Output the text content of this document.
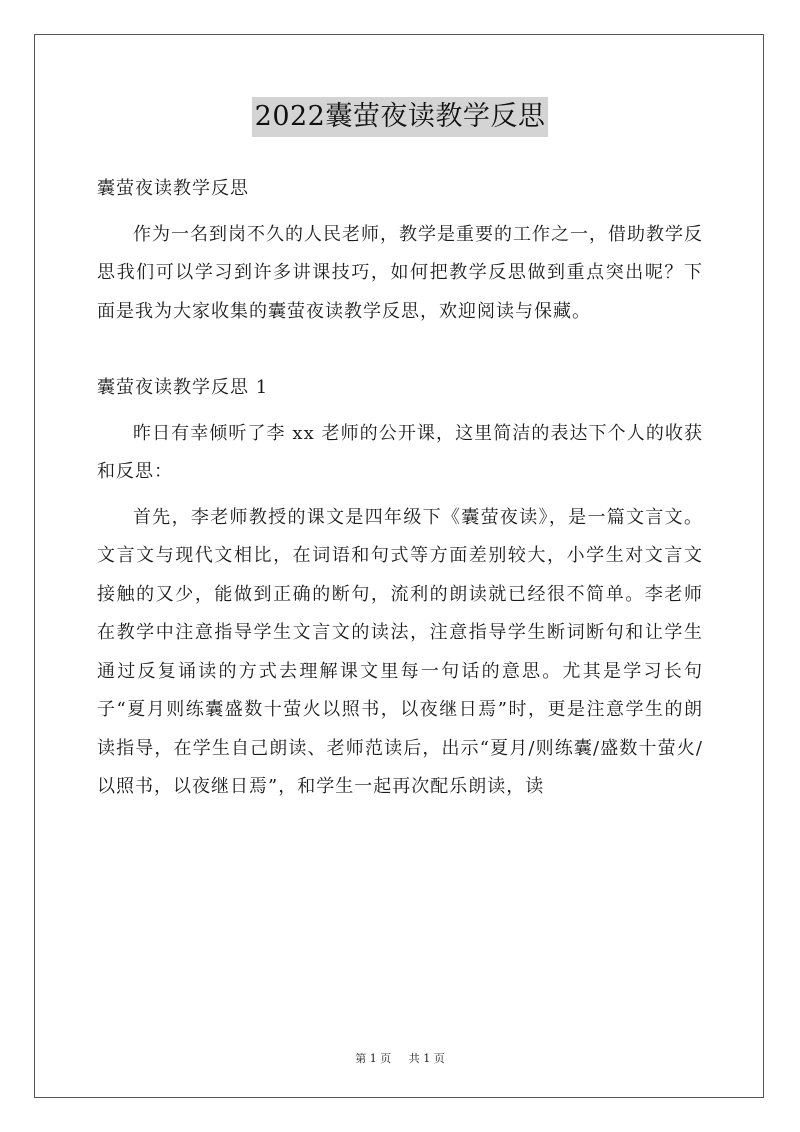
2022囊萤夜读教学反思

囊萤夜读教学反思

作为一名到岗不久的人民老师，教学是重要的工作之一，借助教学反思我们可以学习到许多讲课技巧，如何把教学反思做到重点突出呢？下面是我为大家收集的囊萤夜读教学反思，欢迎阅读与保藏。

囊萤夜读教学反思 1

昨日有幸倾听了李 xx 老师的公开课，这里简洁的表达下个人的收获和反思：

首先，李老师教授的课文是四年级下《囊萤夜读》，是一篇文言文。文言文与现代文相比，在词语和句式等方面差别较大，小学生对文言文接触的又少，能做到正确的断句，流利的朗读就已经很不简单。李老师在教学中注意指导学生文言文的读法，注意指导学生断词断句和让学生通过反复诵读的方式去理解课文里每一句话的意思。尤其是学习长句子“夏月则练囊盛数十萤火以照书，以夜继日焉”时，更是注意学生的朗读指导，在学生自己朗读、老师范读后，出示“夏月/则练囊/盛数十萤火/以照书，以夜继日焉”，和学生一起再次配乐朗读，读

第 1 页 共 1 页
